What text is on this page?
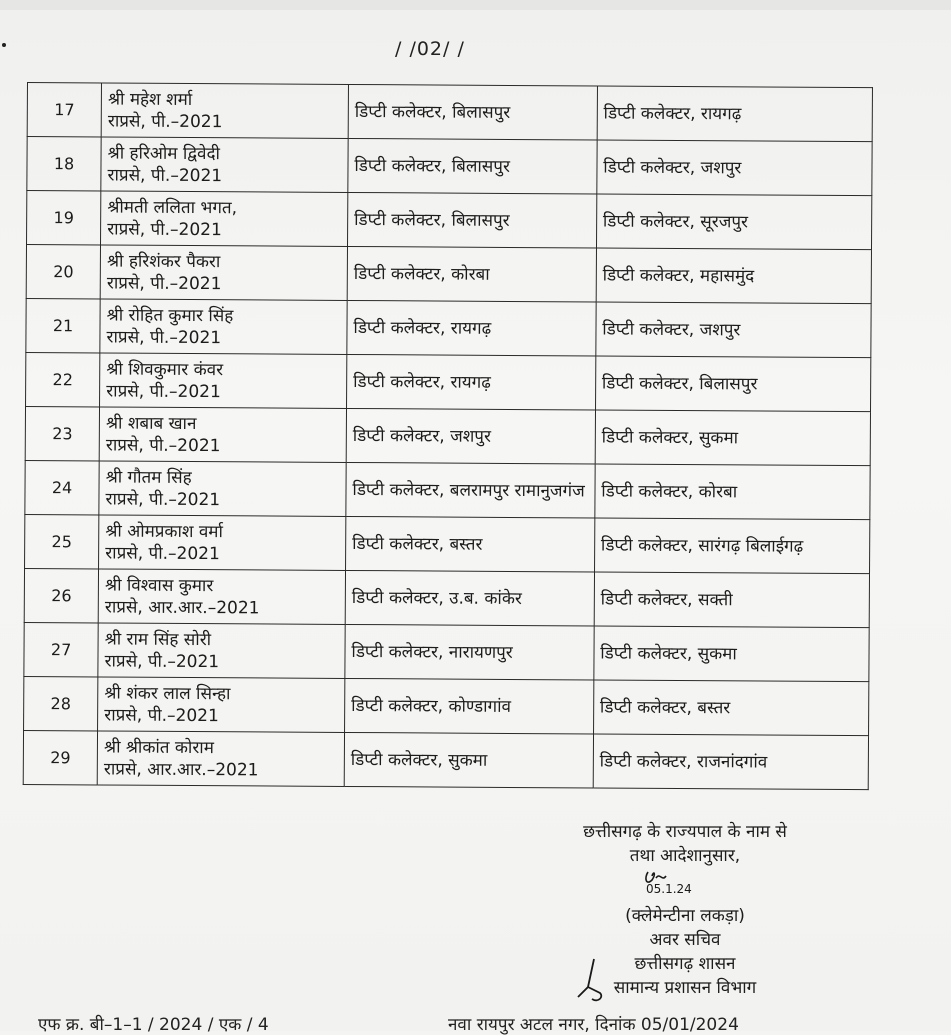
/ /02/ /
17	श्री महेश शर्मा
राप्रसे, पी.–2021	डिप्टी कलेक्टर, बिलासपुर	डिप्टी कलेक्टर, रायगढ़
18	श्री हरिओम द्विवेदी
राप्रसे, पी.–2021	डिप्टी कलेक्टर, बिलासपुर	डिप्टी कलेक्टर, जशपुर
19	श्रीमती ललिता भगत,
राप्रसे, पी.–2021	डिप्टी कलेक्टर, बिलासपुर	डिप्टी कलेक्टर, सूरजपुर
20	श्री हरिशंकर पैकरा
राप्रसे, पी.–2021	डिप्टी कलेक्टर, कोरबा	डिप्टी कलेक्टर, महासमुंद
21	श्री रोहित कुमार सिंह
राप्रसे, पी.–2021	डिप्टी कलेक्टर, रायगढ़	डिप्टी कलेक्टर, जशपुर
22	श्री शिवकुमार कंवर
राप्रसे, पी.–2021	डिप्टी कलेक्टर, रायगढ़	डिप्टी कलेक्टर, बिलासपुर
23	श्री शबाब खान
राप्रसे, पी.–2021	डिप्टी कलेक्टर, जशपुर	डिप्टी कलेक्टर, सुकमा
24	श्री गौतम सिंह
राप्रसे, पी.–2021	डिप्टी कलेक्टर, बलरामपुर रामानुजगंज	डिप्टी कलेक्टर, कोरबा
25	श्री ओमप्रकाश वर्मा
राप्रसे, पी.–2021	डिप्टी कलेक्टर, बस्तर	डिप्टी कलेक्टर, सारंगढ़ बिलाईगढ़
26	श्री विश्वास कुमार
राप्रसे, आर.आर.–2021	डिप्टी कलेक्टर, उ.ब. कांकेर	डिप्टी कलेक्टर, सक्ती
27	श्री राम सिंह सोरी
राप्रसे, पी.–2021	डिप्टी कलेक्टर, नारायणपुर	डिप्टी कलेक्टर, सुकमा
28	श्री शंकर लाल सिन्हा
राप्रसे, पी.–2021	डिप्टी कलेक्टर, कोण्डागांव	डिप्टी कलेक्टर, बस्तर
29	श्री श्रीकांत कोराम
राप्रसे, आर.आर.–2021	डिप्टी कलेक्टर, सुकमा	डिप्टी कलेक्टर, राजनांदगांव
05.1.24
छत्तीसगढ़ के राज्यपाल के नाम से
तथा आदेशानुसार,
(क्लेमेन्टीना लकड़ा)
अवर सचिव
छत्तीसगढ़ शासन
सामान्य प्रशासन विभाग
एफ क्र. बी–1–1 / 2024 / एक / 4	नवा रायपुर अटल नगर, दिनांक 05/01/2024
